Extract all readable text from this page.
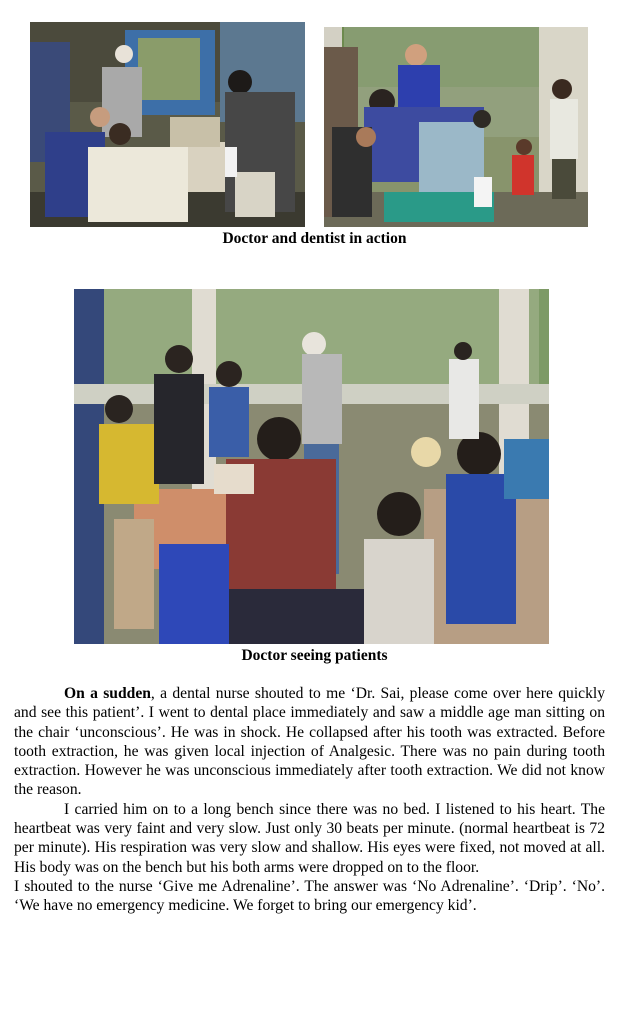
Doctor and dentist in action
Doctor seeing patients

On a sudden, a dental nurse shouted to me ‘Dr. Sai, please come over here quickly and see this patient’. I went to dental place immediately and saw a middle age man sitting on the chair ‘unconscious’. He was in shock. He collapsed after his tooth was extracted. Before tooth extraction, he was given local injection of Analgesic. There was no pain during tooth extraction. However he was unconscious immediately after tooth extraction. We did not know the reason.

I carried him on to a long bench since there was no bed. I listened to his heart. The heartbeat was very faint and very slow. Just only 30 beats per minute. (normal heartbeat is 72 per minute). His respiration was very slow and shallow. His eyes were fixed, not moved at all. His body was on the bench but his both arms were dropped on to the floor.

I shouted to the nurse ‘Give me Adrenaline’. The answer was ‘No Adrenaline’. ‘Drip’. ‘No’. ‘We have no emergency medicine. We forget to bring our emergency kid’.
